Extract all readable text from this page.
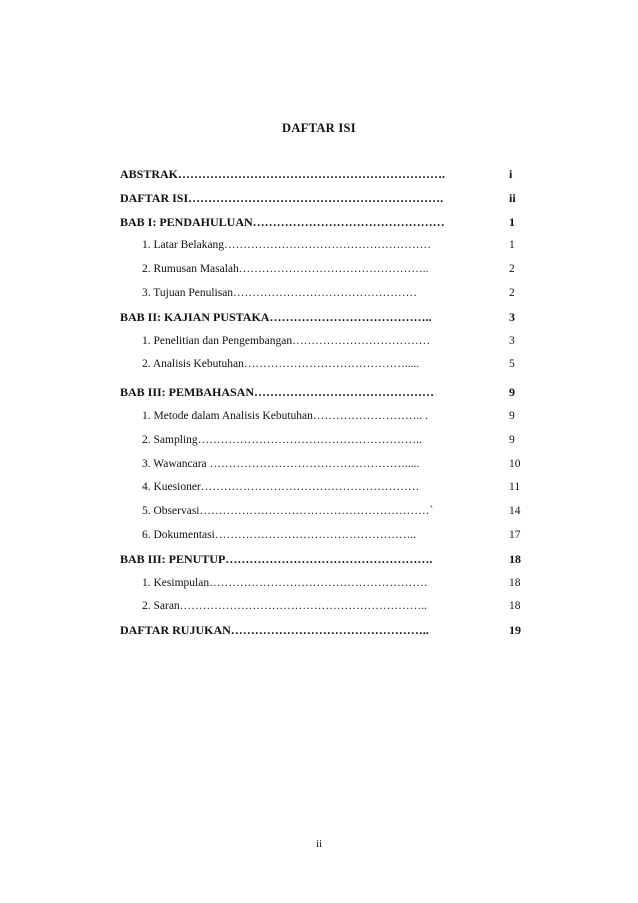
DAFTAR ISI
ABSTRAK………………………………………………………….	i
DAFTAR ISI……………………………………………………….	ii
BAB I: PENDAHULUAN…………………………………………	1
1. Latar Belakang………………………………………………	1
2. Rumusan Masalah…………………………………………..	2
3. Tujuan Penulisan…………………………………………	2
BAB II: KAJIAN PUSTAKA…………………………………..	3
1. Penelitian dan Pengembangan………………………………	3
2. Analisis Kebutuhan…………………………………….....	5
BAB III: PEMBAHASAN………………………………………	9
1. Metode dalam Analisis Kebutuhan……………………….. .	9
2. Sampling…………………………………………………..	9
3. Wawancara …………………………………………….....	10
4. Kuesioner…………………………………………………	11
5. Observasi……………………………………………………`	14
6. Dokumentasi……………………………………………..	17
BAB III: PENUTUP…………………………………………….	18
1. Kesimpulan…………………………………………………	18
2. Saran………………………………………………………..	18
DAFTAR RUJUKAN…………………………………………..	19
ii
